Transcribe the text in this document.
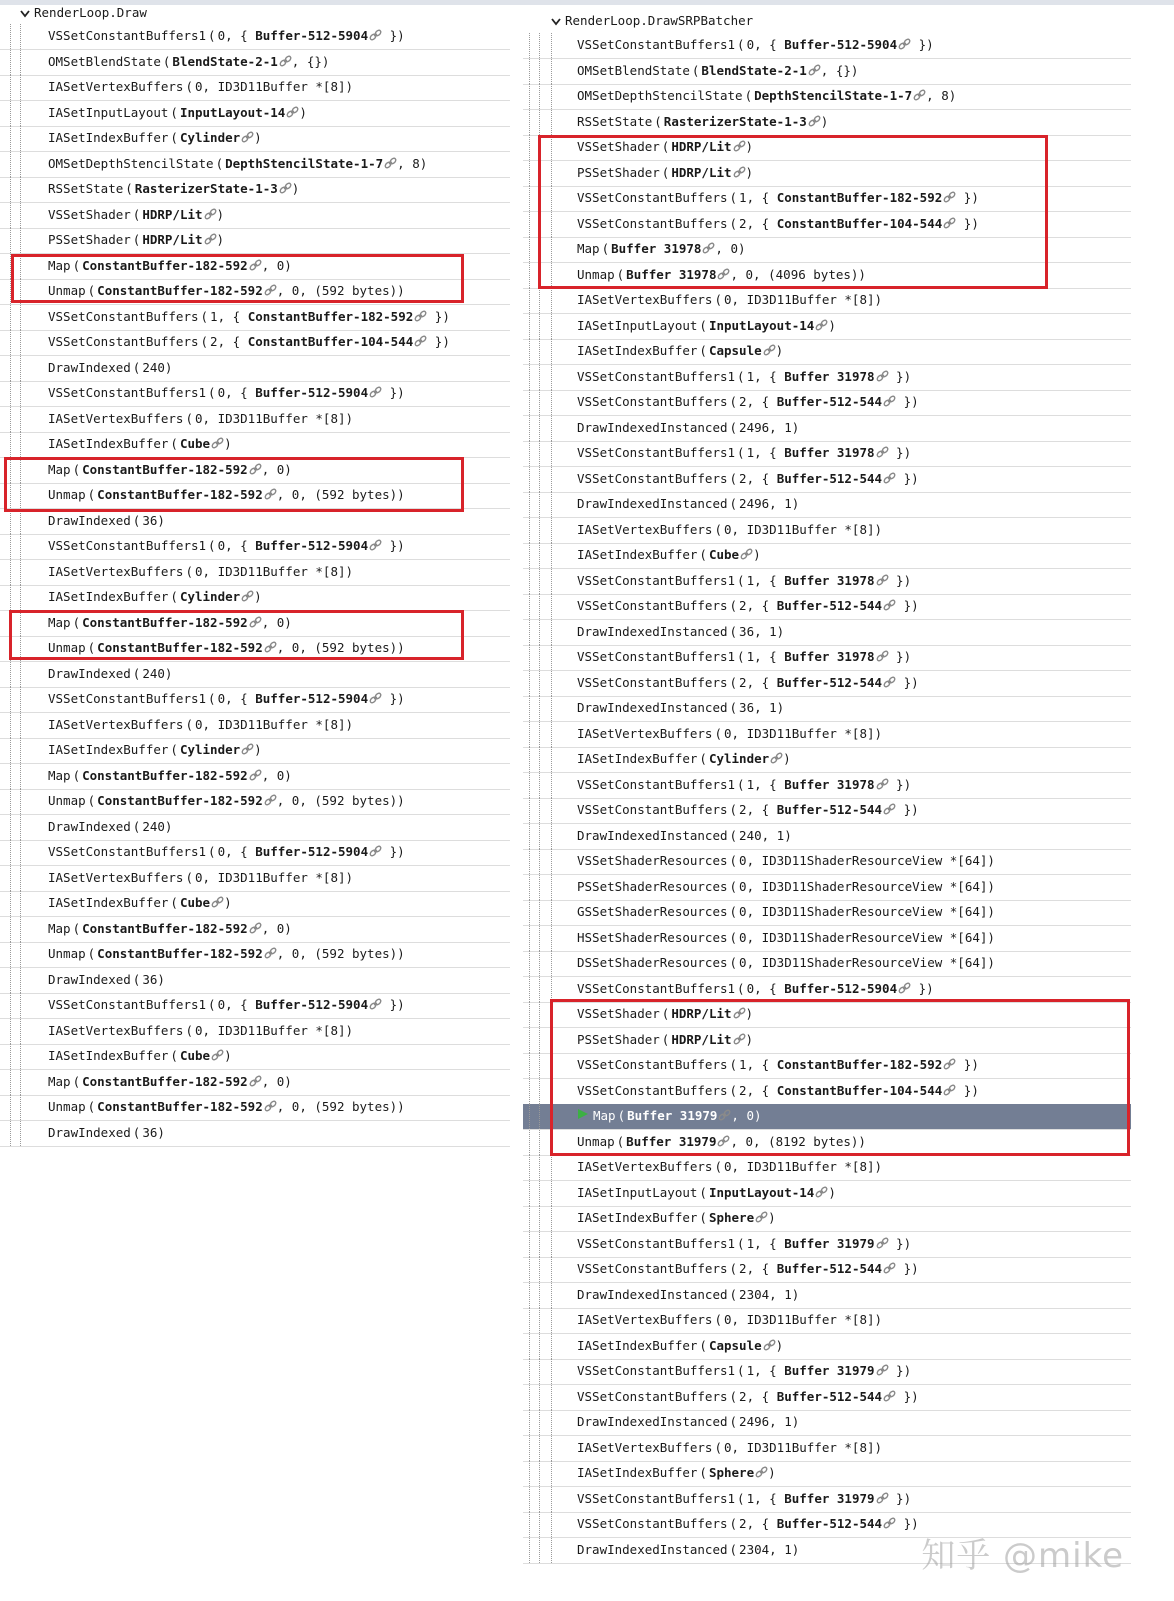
RenderLoop.Draw
VSSetConstantBuffers1 ( 0, { Buffer-512-5904 })
OMSetBlendState ( BlendState-2-1 , {})
IASetVertexBuffers ( 0, ID3D11Buffer *[8])
IASetInputLayout ( InputLayout-14 )
IASetIndexBuffer ( Cylinder )
OMSetDepthStencilState ( DepthStencilState-1-7 , 8)
RSSetState ( RasterizerState-1-3 )
VSSetShader ( HDRP/Lit )
PSSetShader ( HDRP/Lit )
Map ( ConstantBuffer-182-592 , 0)
Unmap ( ConstantBuffer-182-592 , 0, (592 bytes))
VSSetConstantBuffers ( 1, { ConstantBuffer-182-592 })
VSSetConstantBuffers ( 2, { ConstantBuffer-104-544 })
DrawIndexed ( 240)
VSSetConstantBuffers1 ( 0, { Buffer-512-5904 })
IASetVertexBuffers ( 0, ID3D11Buffer *[8])
IASetIndexBuffer ( Cube )
Map ( ConstantBuffer-182-592 , 0)
Unmap ( ConstantBuffer-182-592 , 0, (592 bytes))
DrawIndexed ( 36)
VSSetConstantBuffers1 ( 0, { Buffer-512-5904 })
IASetVertexBuffers ( 0, ID3D11Buffer *[8])
IASetIndexBuffer ( Cylinder )
Map ( ConstantBuffer-182-592 , 0)
Unmap ( ConstantBuffer-182-592 , 0, (592 bytes))
DrawIndexed ( 240)
VSSetConstantBuffers1 ( 0, { Buffer-512-5904 })
IASetVertexBuffers ( 0, ID3D11Buffer *[8])
IASetIndexBuffer ( Cylinder )
Map ( ConstantBuffer-182-592 , 0)
Unmap ( ConstantBuffer-182-592 , 0, (592 bytes))
DrawIndexed ( 240)
VSSetConstantBuffers1 ( 0, { Buffer-512-5904 })
IASetVertexBuffers ( 0, ID3D11Buffer *[8])
IASetIndexBuffer ( Cube )
Map ( ConstantBuffer-182-592 , 0)
Unmap ( ConstantBuffer-182-592 , 0, (592 bytes))
DrawIndexed ( 36)
VSSetConstantBuffers1 ( 0, { Buffer-512-5904 })
IASetVertexBuffers ( 0, ID3D11Buffer *[8])
IASetIndexBuffer ( Cube )
Map ( ConstantBuffer-182-592 , 0)
Unmap ( ConstantBuffer-182-592 , 0, (592 bytes))
DrawIndexed ( 36)
RenderLoop.DrawSRPBatcher
VSSetConstantBuffers1 ( 0, { Buffer-512-5904 })
OMSetBlendState ( BlendState-2-1 , {})
OMSetDepthStencilState ( DepthStencilState-1-7 , 8)
RSSetState ( RasterizerState-1-3 )
VSSetShader ( HDRP/Lit )
PSSetShader ( HDRP/Lit )
VSSetConstantBuffers ( 1, { ConstantBuffer-182-592 })
VSSetConstantBuffers ( 2, { ConstantBuffer-104-544 })
Map ( Buffer 31978 , 0)
Unmap ( Buffer 31978 , 0, (4096 bytes))
IASetVertexBuffers ( 0, ID3D11Buffer *[8])
IASetInputLayout ( InputLayout-14 )
IASetIndexBuffer ( Capsule )
VSSetConstantBuffers1 ( 1, { Buffer 31978 })
VSSetConstantBuffers ( 2, { Buffer-512-544 })
DrawIndexedInstanced ( 2496, 1)
VSSetConstantBuffers1 ( 1, { Buffer 31978 })
VSSetConstantBuffers ( 2, { Buffer-512-544 })
DrawIndexedInstanced ( 2496, 1)
IASetVertexBuffers ( 0, ID3D11Buffer *[8])
IASetIndexBuffer ( Cube )
VSSetConstantBuffers1 ( 1, { Buffer 31978 })
VSSetConstantBuffers ( 2, { Buffer-512-544 })
DrawIndexedInstanced ( 36, 1)
VSSetConstantBuffers1 ( 1, { Buffer 31978 })
VSSetConstantBuffers ( 2, { Buffer-512-544 })
DrawIndexedInstanced ( 36, 1)
IASetVertexBuffers ( 0, ID3D11Buffer *[8])
IASetIndexBuffer ( Cylinder )
VSSetConstantBuffers1 ( 1, { Buffer 31978 })
VSSetConstantBuffers ( 2, { Buffer-512-544 })
DrawIndexedInstanced ( 240, 1)
VSSetShaderResources ( 0, ID3D11ShaderResourceView *[64])
PSSetShaderResources ( 0, ID3D11ShaderResourceView *[64])
GSSetShaderResources ( 0, ID3D11ShaderResourceView *[64])
HSSetShaderResources ( 0, ID3D11ShaderResourceView *[64])
DSSetShaderResources ( 0, ID3D11ShaderResourceView *[64])
VSSetConstantBuffers1 ( 0, { Buffer-512-5904 })
VSSetShader ( HDRP/Lit )
PSSetShader ( HDRP/Lit )
VSSetConstantBuffers ( 1, { ConstantBuffer-182-592 })
VSSetConstantBuffers ( 2, { ConstantBuffer-104-544 })
Map ( Buffer 31979 , 0)
Unmap ( Buffer 31979 , 0, (8192 bytes))
IASetVertexBuffers ( 0, ID3D11Buffer *[8])
IASetInputLayout ( InputLayout-14 )
IASetIndexBuffer ( Sphere )
VSSetConstantBuffers1 ( 1, { Buffer 31979 })
VSSetConstantBuffers ( 2, { Buffer-512-544 })
DrawIndexedInstanced ( 2304, 1)
IASetVertexBuffers ( 0, ID3D11Buffer *[8])
IASetIndexBuffer ( Capsule )
VSSetConstantBuffers1 ( 1, { Buffer 31979 })
VSSetConstantBuffers ( 2, { Buffer-512-544 })
DrawIndexedInstanced ( 2496, 1)
IASetVertexBuffers ( 0, ID3D11Buffer *[8])
IASetIndexBuffer ( Sphere )
VSSetConstantBuffers1 ( 1, { Buffer 31979 })
VSSetConstantBuffers ( 2, { Buffer-512-544 })
DrawIndexedInstanced ( 2304, 1)	知乎 @mike
